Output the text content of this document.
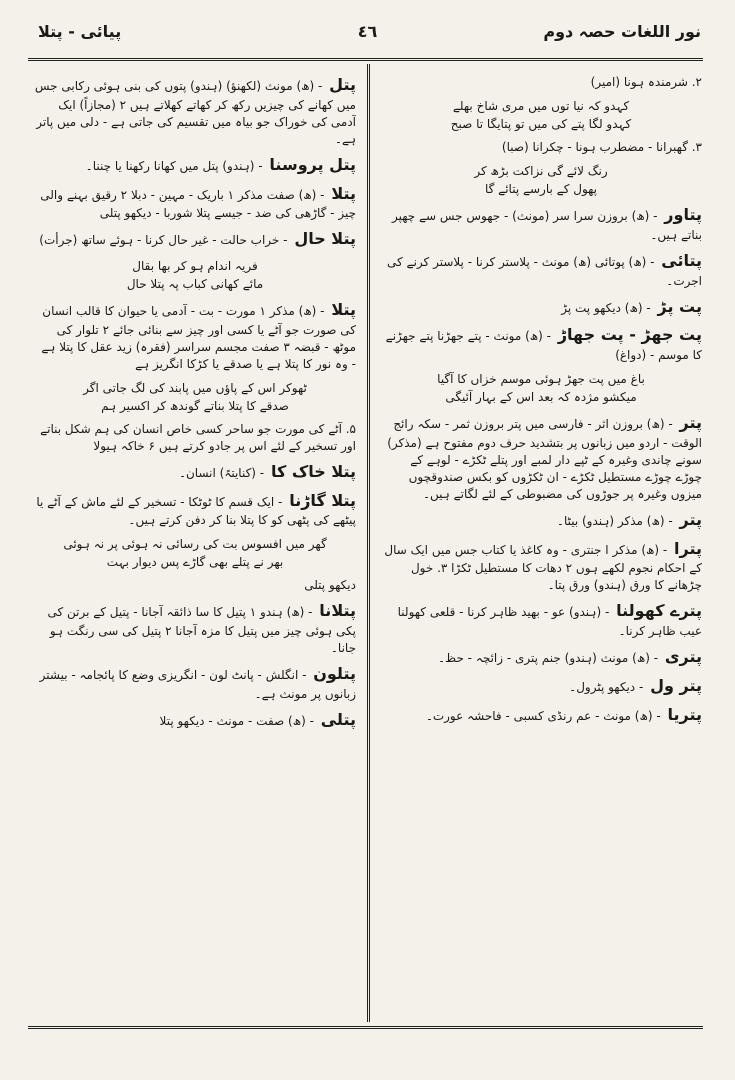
نور اللغات حصہ دوم
٤٦
پیائی - پتلا
۲. شرمندہ ہونا (امیر)
کہدو کہ نیا توں میں مری شاخ بھلے
کہدو لگا پتے کی میں تو پتایگا تا صبح
۳. گھبرانا - مضطرب ہونا - چکرانا (صبا)
رنگ لائے گی نزاکت بڑھ کر
پھول کے بارسے پتائے گا
پتاور - (ھ) بروزن سرا سر (مونث) - جھوس جس سے چھپر بناتے ہیں۔
پتائی - (ھ) پوتائی (ھ) مونث - پلاستر کرنا - پلاستر کرنے کی اجرت۔
پت پڑ - (ھ) دیکھو پت پڑ
پت جھڑ - پت جھاڑ - (ھ) مونث - پتے جھڑنا پتے جھڑنے کا موسم - (دواغ)
باغ میں پت جھڑ ہوئی موسم خزاں کا آگیا
میکشو مژدہ کہ بعد اس کے بہار آئیگی
پتر - (ھ) بروزن اثر - فارسی میں پتر بروزن ثمر - سکہ رائج الوقت - اردو میں زبانوں پر بتشدید حرف دوم مفتوح ہے (مذکر) سونے چاندی وغیرہ کے ٹپے دار لمبے اور پتلے ٹکڑے - لوہے کے چوڑے چوڑے مستطیل ٹکڑے - ان ٹکڑوں کو بکس صندوقچوں میزوں وغیرہ پر جوڑوں کی مضبوطی کے لئے لگاتے ہیں۔
پتر - (ھ) مذکر (ہندو) بیٹا۔
پترا - (ھ) مذکر ا جنتری - وہ کاغذ یا کتاب جس میں ایک سال کے احکام نجوم لکھے ہوں ۲ دھات کا مستطیل ٹکڑا ۳. خول چڑھانے کا ورق (ہندو) ورق پتا۔
پترے کھولنا - (ہندو) عو - بھید ظاہر کرنا - قلعی کھولنا عیب ظاہر کرنا۔
پتری - (ھ) مونث (ہندو) جنم پتری - زائچہ - حظ۔
پتر ول - دیکھو پٹرول۔
پتریا - (ھ) مونث - عم رنڈی کسبی - فاحشہ عورت۔
پتل - (ھ) مونث (لکھنؤ) (ہندو) پتوں کی بنی ہوئی رکابی جس میں کھانے کی چیزیں رکھ کر کھاتے کھلاتے ہیں ۲ (مجازاً) ایک آدمی کی خوراک جو بیاہ میں تقسیم کی جاتی ہے - دلی میں پاتر ہے۔
پتل پروسنا - (ہندو) پتل میں کھانا رکھنا یا چننا۔
پتلا - (ھ) صفت مذکر ۱ باریک - مہین - دبلا ۲ رقیق بہنے والی چیز - گاڑھی کی ضد - جیسے پتلا شوربا - دیکھو پتلی
پتلا حال - خراب حالت - غیر حال کرنا - ہوئے ساتھ (جرأت)
فریہ اندام ہو کر بھا بقال
مائے کھانی کباب پہ پتلا حال
پتلا - (ھ) مذکر ۱ مورت - بت - آدمی یا حیوان کا قالب انسان کی صورت جو آٹے یا کسی اور چیز سے بنائی جائے ۲ تلوار کی موٹھ - قبضہ ۳ صفت مجسم سراسر (فقرہ) زید عقل کا پتلا ہے - وہ نور کا پتلا ہے یا صدقے یا کڑکا انگریز ہے
ٹھوکر اس کے پاؤں میں پابند کی لگ جاتی اگر
صدقے کا پتلا بناتے گوندھ کر اکسیر ہم
۵. آٹے کی مورت جو ساحر کسی خاص انسان کی ہم شکل بناتے اور تسخیر کے لئے اس پر جادو کرتے ہیں ۶ خاکہ ہیولا
پتلا خاک کا - (کنایتہً) انسان۔
پتلا گاڑنا - ایک قسم کا ٹوٹکا - تسخیر کے لئے ماش کے آٹے یا پیٹھے کی پٹھی کو کا پتلا بنا کر دفن کرتے ہیں۔
گھر میں افسوس بت کی رسائی نہ ہوئی پر نہ ہوئی
بھر نے پتلے بھی گاڑے پس دیوار بہت
دیکھو پتلی
پتلانا - (ھ) ہندو ۱ پتیل کا سا ذائقہ آجانا - پتیل کے برتن کی پکی ہوئی چیز میں پتیل کا مزہ آجانا ۲ پتیل کی سی رنگت ہو جانا۔
پتلون - انگلش - پانٹ لون - انگریزی وضع کا پائجامہ - بیشتر زبانوں پر مونث ہے۔
پتلی - (ھ) صفت - مونث - دیکھو پتلا
